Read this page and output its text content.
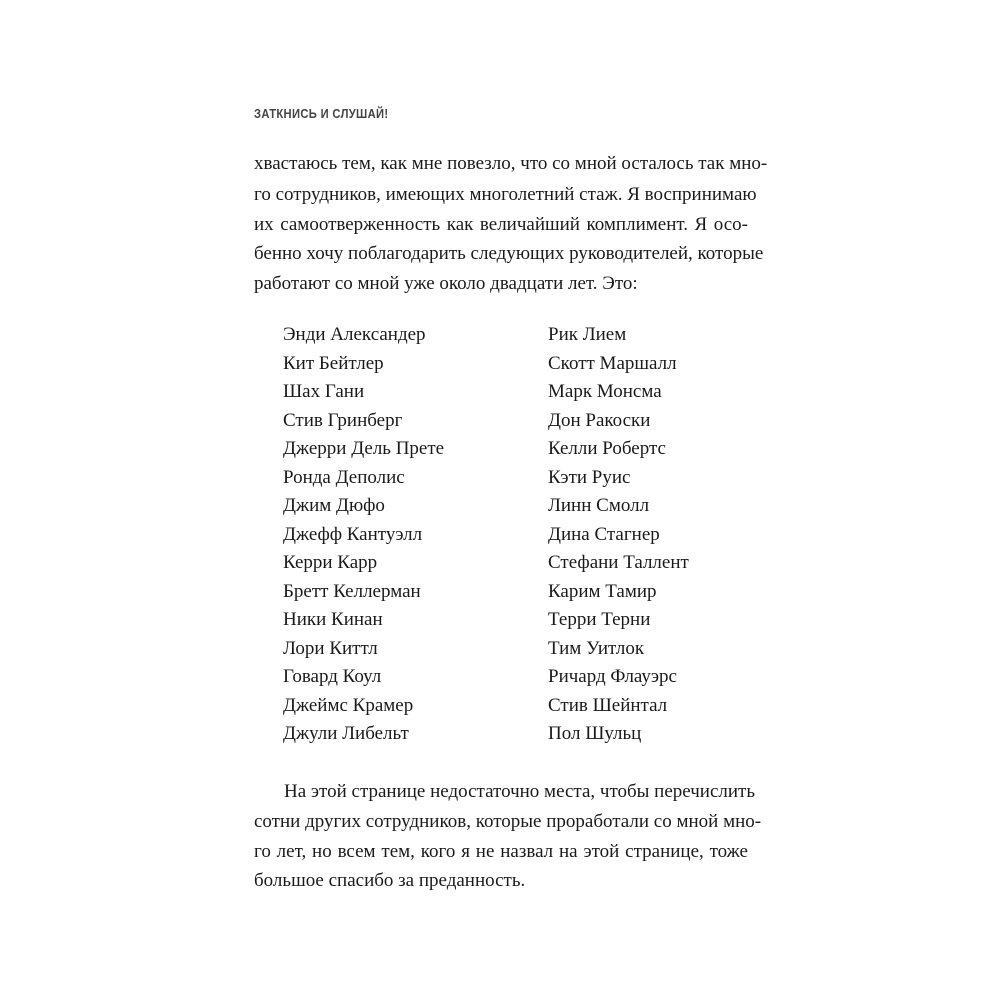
ЗАТКНИСЬ И СЛУШАЙ!
хвастаюсь тем, как мне повезло, что со мной осталось так мно-
го сотрудников, имеющих многолетний стаж. Я воспринимаю
их самоотверженность как величайший комплимент. Я осо-
бенно хочу поблагодарить следующих руководителей, которые
работают со мной уже около двадцати лет. Это:
Энди Александер
Кит Бейтлер
Шах Гани
Стив Гринберг
Джерри Дель Прете
Ронда Деполис
Джим Дюфо
Джефф Кантуэлл
Керри Карр
Бретт Келлерман
Ники Кинан
Лори Киттл
Говард Коул
Джеймс Крамер
Джули Либельт
Рик Лием
Скотт Маршалл
Марк Монсма
Дон Ракоски
Келли Робертс
Кэти Руис
Линн Смолл
Дина Стагнер
Стефани Таллент
Карим Тамир
Терри Терни
Тим Уитлок
Ричард Флауэрс
Стив Шейнтал
Пол Шульц
На этой странице недостаточно места, чтобы перечислить
сотни других сотрудников, которые проработали со мной мно-
го лет, но всем тем, кого я не назвал на этой странице, тоже
большое спасибо за преданность.
